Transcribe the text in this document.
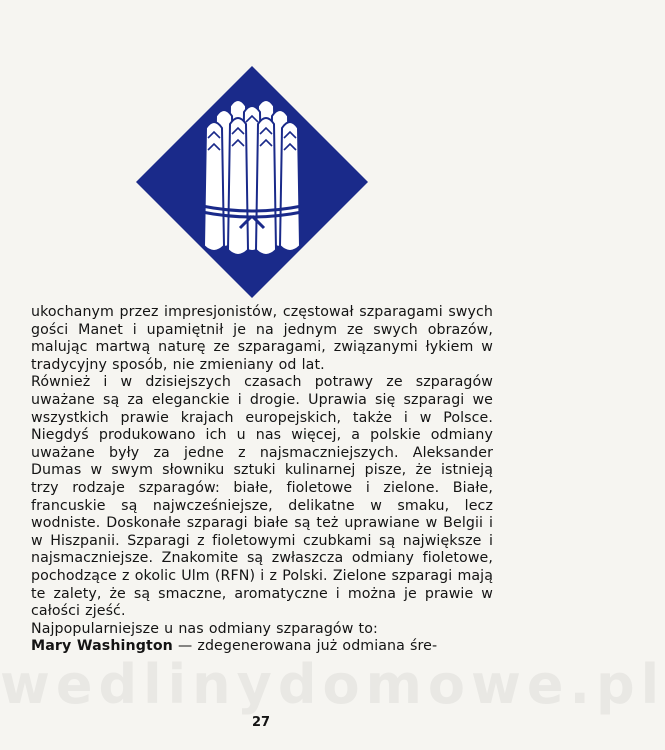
ukochanym przez impresjonistów, częstował szparagami swych gości Manet i upamiętnił je na jednym ze swych obrazów, malując martwą naturę ze szparagami, związanymi łykiem w tradycyjny sposób, nie zmieniany od lat.

Również i w dzisiejszych czasach potrawy ze szparagów uważane są za eleganckie i drogie. Uprawia się szparagi we wszystkich prawie krajach europejskich, także i w Polsce. Niegdyś produkowano ich u nas więcej, a polskie odmiany uważane były za jedne z najsmaczniejszych. Aleksander Dumas w swym słowniku sztuki kulinarnej pisze, że istnieją trzy rodzaje szparagów: białe, fioletowe i zielone. Białe, francuskie są najwcześniejsze, delikatne w smaku, lecz wodniste. Doskonałe szparagi białe są też uprawiane w Belgii i w Hiszpanii. Szparagi z fioletowymi czubkami są największe i najsmaczniejsze. Znakomite są zwłaszcza odmiany fioletowe, pochodzące z okolic Ulm (RFN) i z Polski. Zielone szparagi mają te zalety, że są smaczne, aromatyczne i można je prawie w całości zjeść.

Najpopularniejsze u nas odmiany szparagów to:

Mary Washington — zdegenerowana już odmiana śre-

wedlinydomowe.pl
27
